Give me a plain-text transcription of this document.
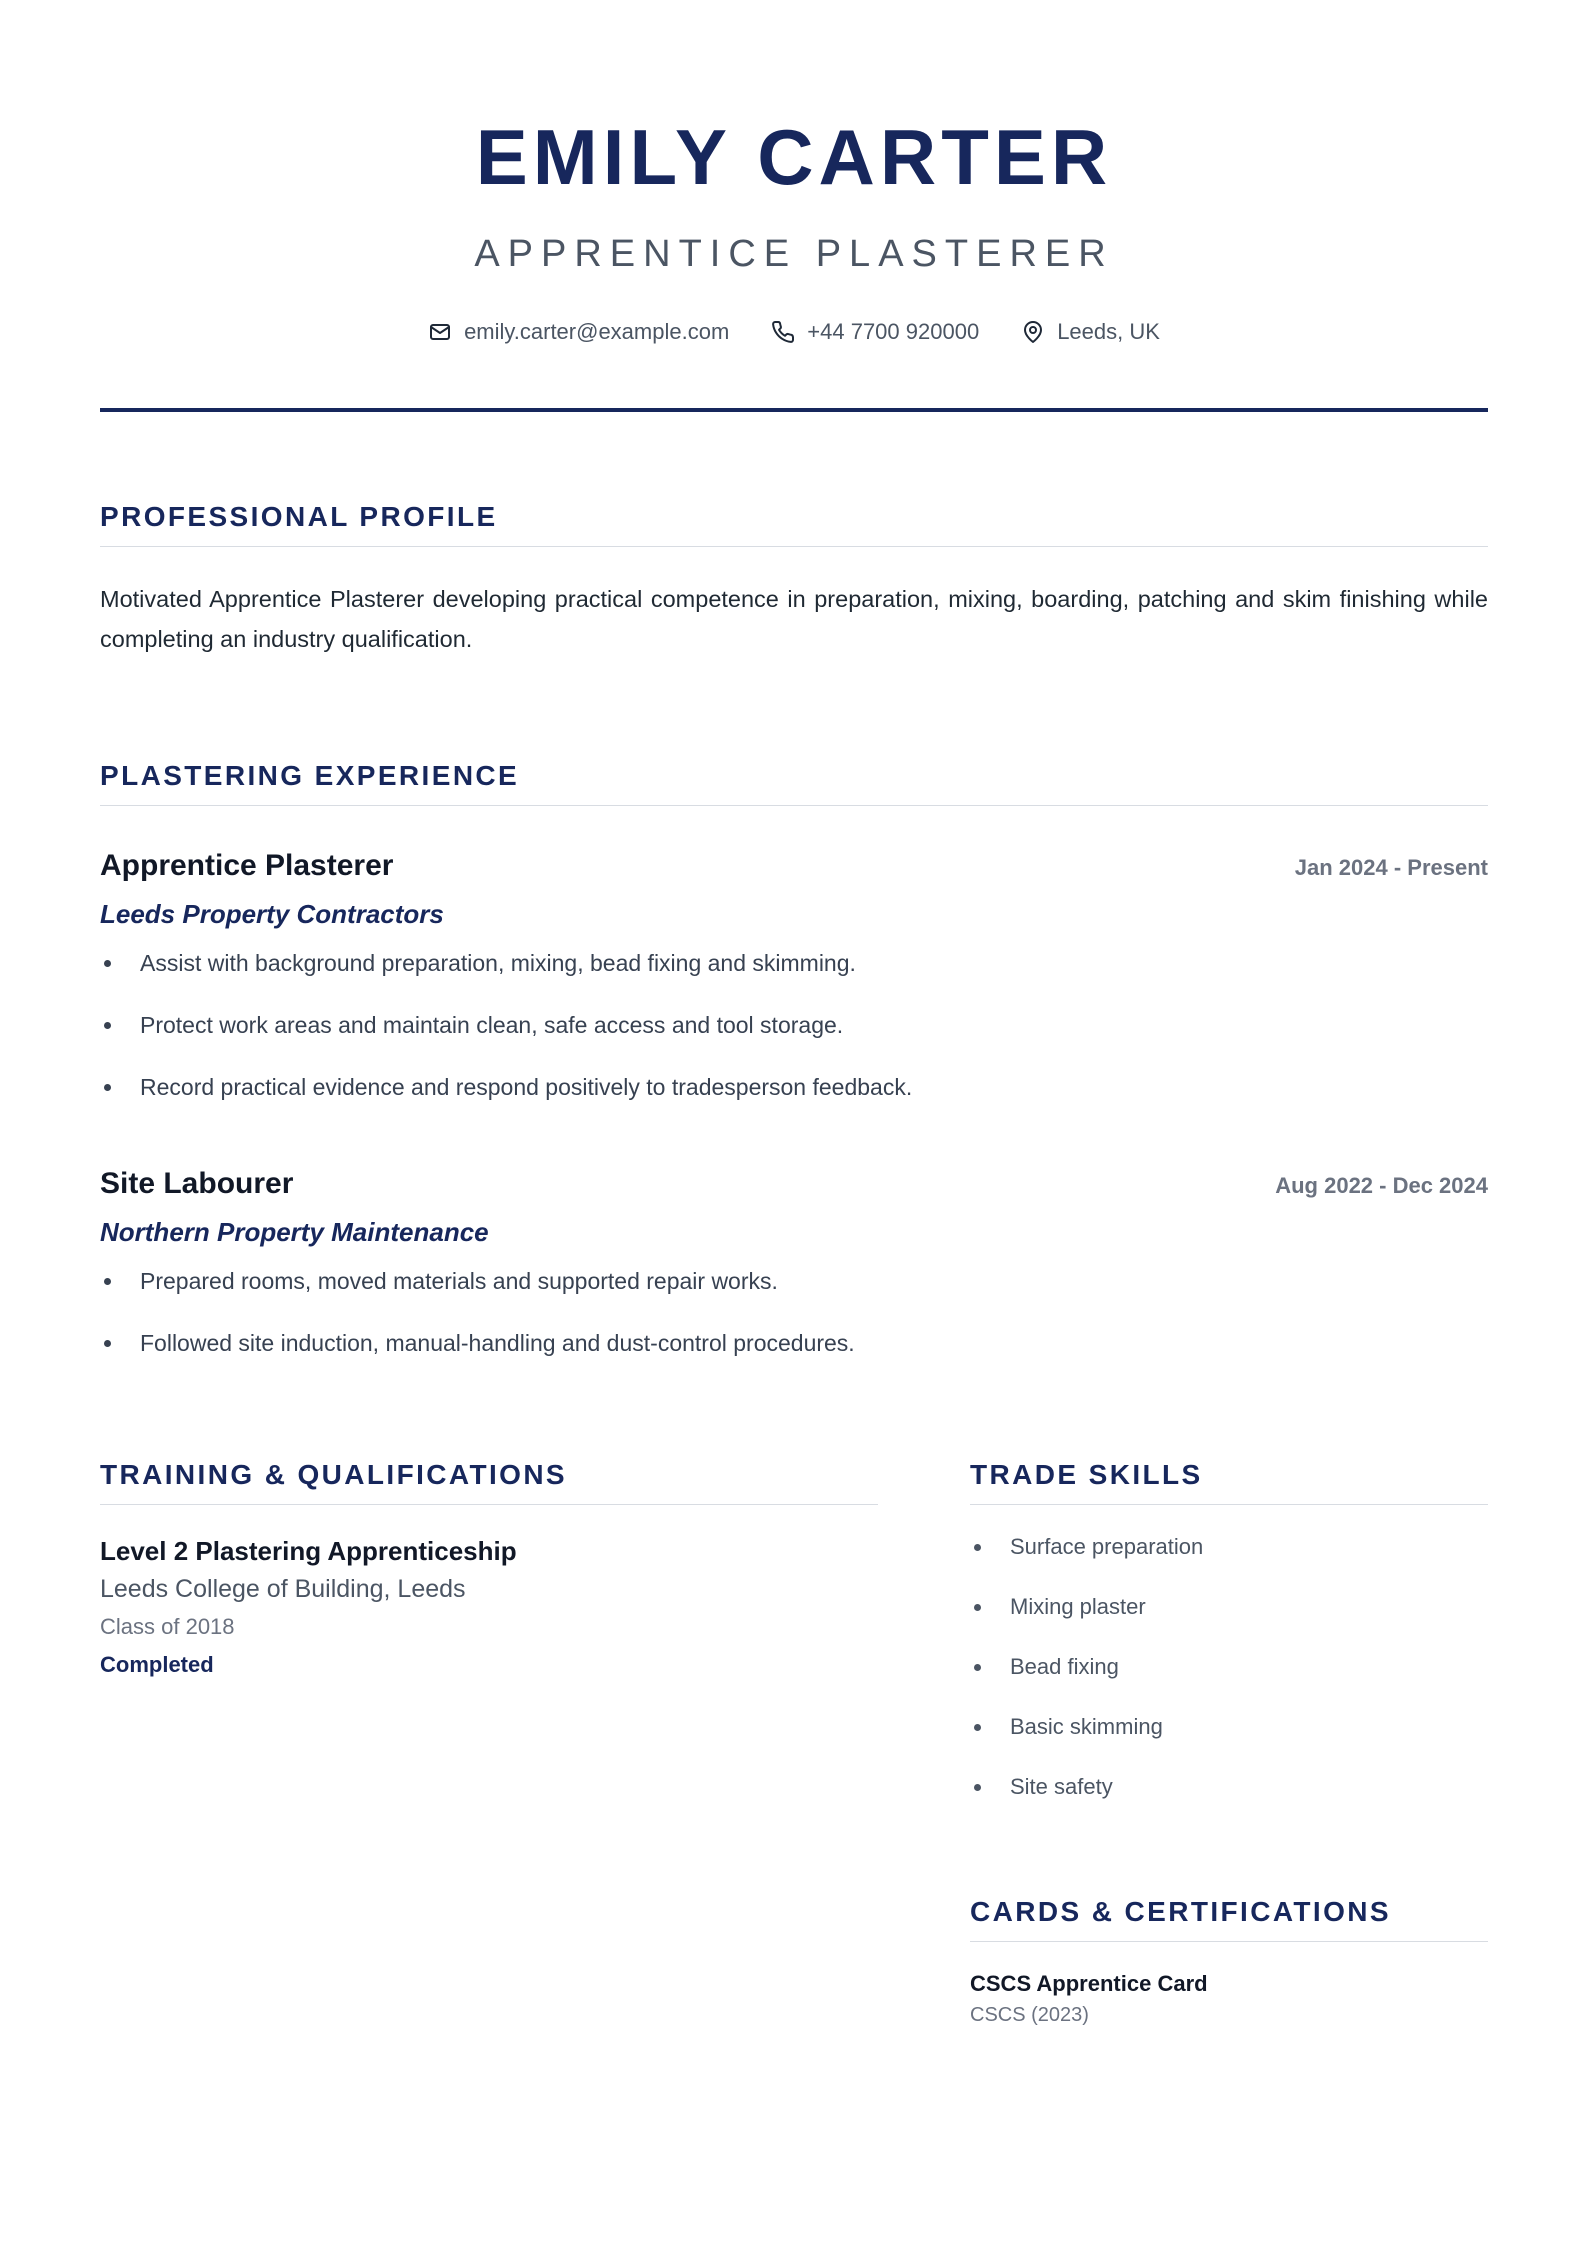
EMILY CARTER
APPRENTICE PLASTERER
emily.carter@example.com	+44 7700 920000	Leeds, UK
PROFESSIONAL PROFILE

Motivated Apprentice Plasterer developing practical competence in preparation, mixing, boarding, patching and skim finishing while completing an industry qualification.

PLASTERING EXPERIENCE
Apprentice Plasterer	Jan 2024 - Present
Leeds Property Contractors
Assist with background preparation, mixing, bead fixing and skimming.
Protect work areas and maintain clean, safe access and tool storage.
Record practical evidence and respond positively to tradesperson feedback.
Site Labourer	Aug 2022 - Dec 2024
Northern Property Maintenance
Prepared rooms, moved materials and supported repair works.
Followed site induction, manual-handling and dust-control procedures.
TRAINING & QUALIFICATIONS
Level 2 Plastering Apprenticeship
Leeds College of Building, Leeds
Class of 2018
Completed
TRADE SKILLS
Surface preparation
Mixing plaster
Bead fixing
Basic skimming
Site safety
CARDS & CERTIFICATIONS
CSCS Apprentice Card
CSCS (2023)
